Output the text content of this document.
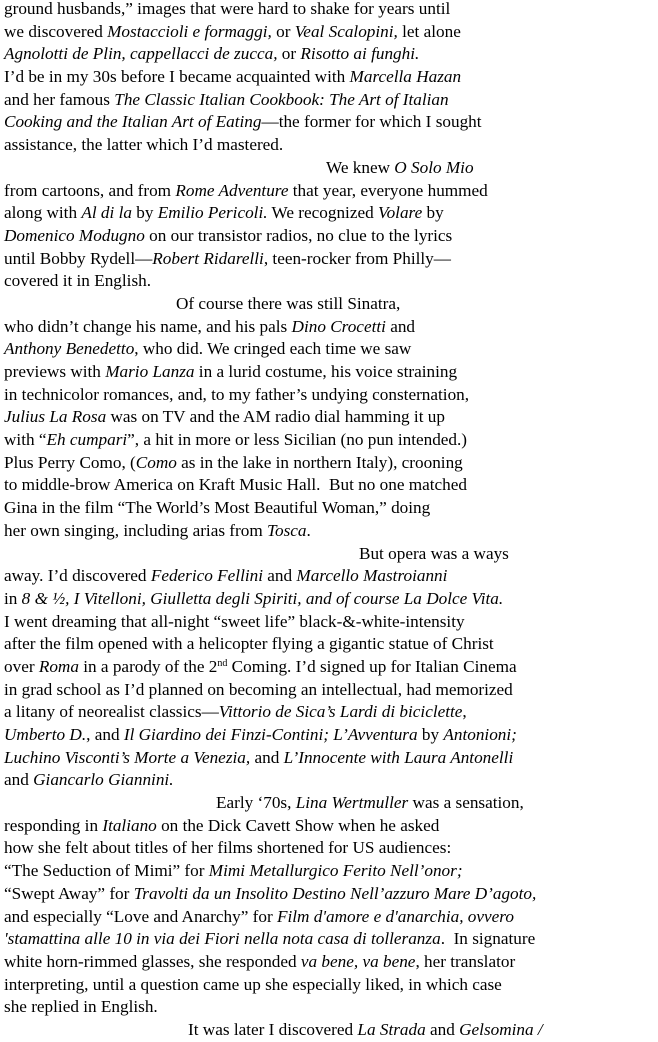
ground husbands,” images that were hard to shake for years until
we discovered Mostaccioli e formaggi, or Veal Scalopini, let alone
Agnolotti de Plin, cappellacci de zucca, or Risotto ai funghi.
I’d be in my 30s before I became acquainted with Marcella Hazan
and her famous The Classic Italian Cookbook: The Art of Italian
Cooking and the Italian Art of Eating—the former for which I sought
assistance, the latter which I’d mastered.
We knew O Solo Mio
from cartoons, and from Rome Adventure that year, everyone hummed
along with Al di la by Emilio Pericoli. We recognized Volare by
Domenico Modugno on our transistor radios, no clue to the lyrics
until Bobby Rydell—Robert Ridarelli, teen-rocker from Philly—
covered it in English.
Of course there was still Sinatra,
who didn’t change his name, and his pals Dino Crocetti and
Anthony Benedetto, who did. We cringed each time we saw
previews with Mario Lanza in a lurid costume, his voice straining
in technicolor romances, and, to my father’s undying consternation,
Julius La Rosa was on TV and the AM radio dial hamming it up
with “Eh cumpari”, a hit in more or less Sicilian (no pun intended.)
Plus Perry Como, (Como as in the lake in northern Italy), crooning
to middle-brow America on Kraft Music Hall.  But no one matched
Gina in the film “The World’s Most Beautiful Woman,” doing
her own singing, including arias from Tosca.
But opera was a ways
away. I’d discovered Federico Fellini and Marcello Mastroianni
in 8 & ½, I Vitelloni, Giulletta degli Spiriti, and of course La Dolce Vita.
I went dreaming that all-night “sweet life” black-&-white-intensity
after the film opened with a helicopter flying a gigantic statue of Christ
over Roma in a parody of the 2nd Coming. I’d signed up for Italian Cinema
in grad school as I’d planned on becoming an intellectual, had memorized
a litany of neorealist classics—Vittorio de Sica’s Lardi di biciclette,
Umberto D., and Il Giardino dei Finzi-Contini; L’Avventura by Antonioni;
Luchino Visconti’s Morte a Venezia, and L’Innocente with Laura Antonelli
and Giancarlo Giannini.
Early ‘70s, Lina Wertmuller was a sensation,
responding in Italiano on the Dick Cavett Show when he asked
how she felt about titles of her films shortened for US audiences:
“The Seduction of Mimi” for Mimi Metallurgico Ferito Nell’onor;
“Swept Away” for Travolti da un Insolito Destino Nell’azzuro Mare D’agoto,
and especially “Love and Anarchy” for Film d'amore e d'anarchia, ovvero
'stamattina alle 10 in via dei Fiori nella nota casa di tolleranza.  In signature
white horn-rimmed glasses, she responded va bene, va bene, her translator
interpreting, until a question came up she especially liked, in which case
she replied in English.
It was later I discovered La Strada and Gelsomina /
